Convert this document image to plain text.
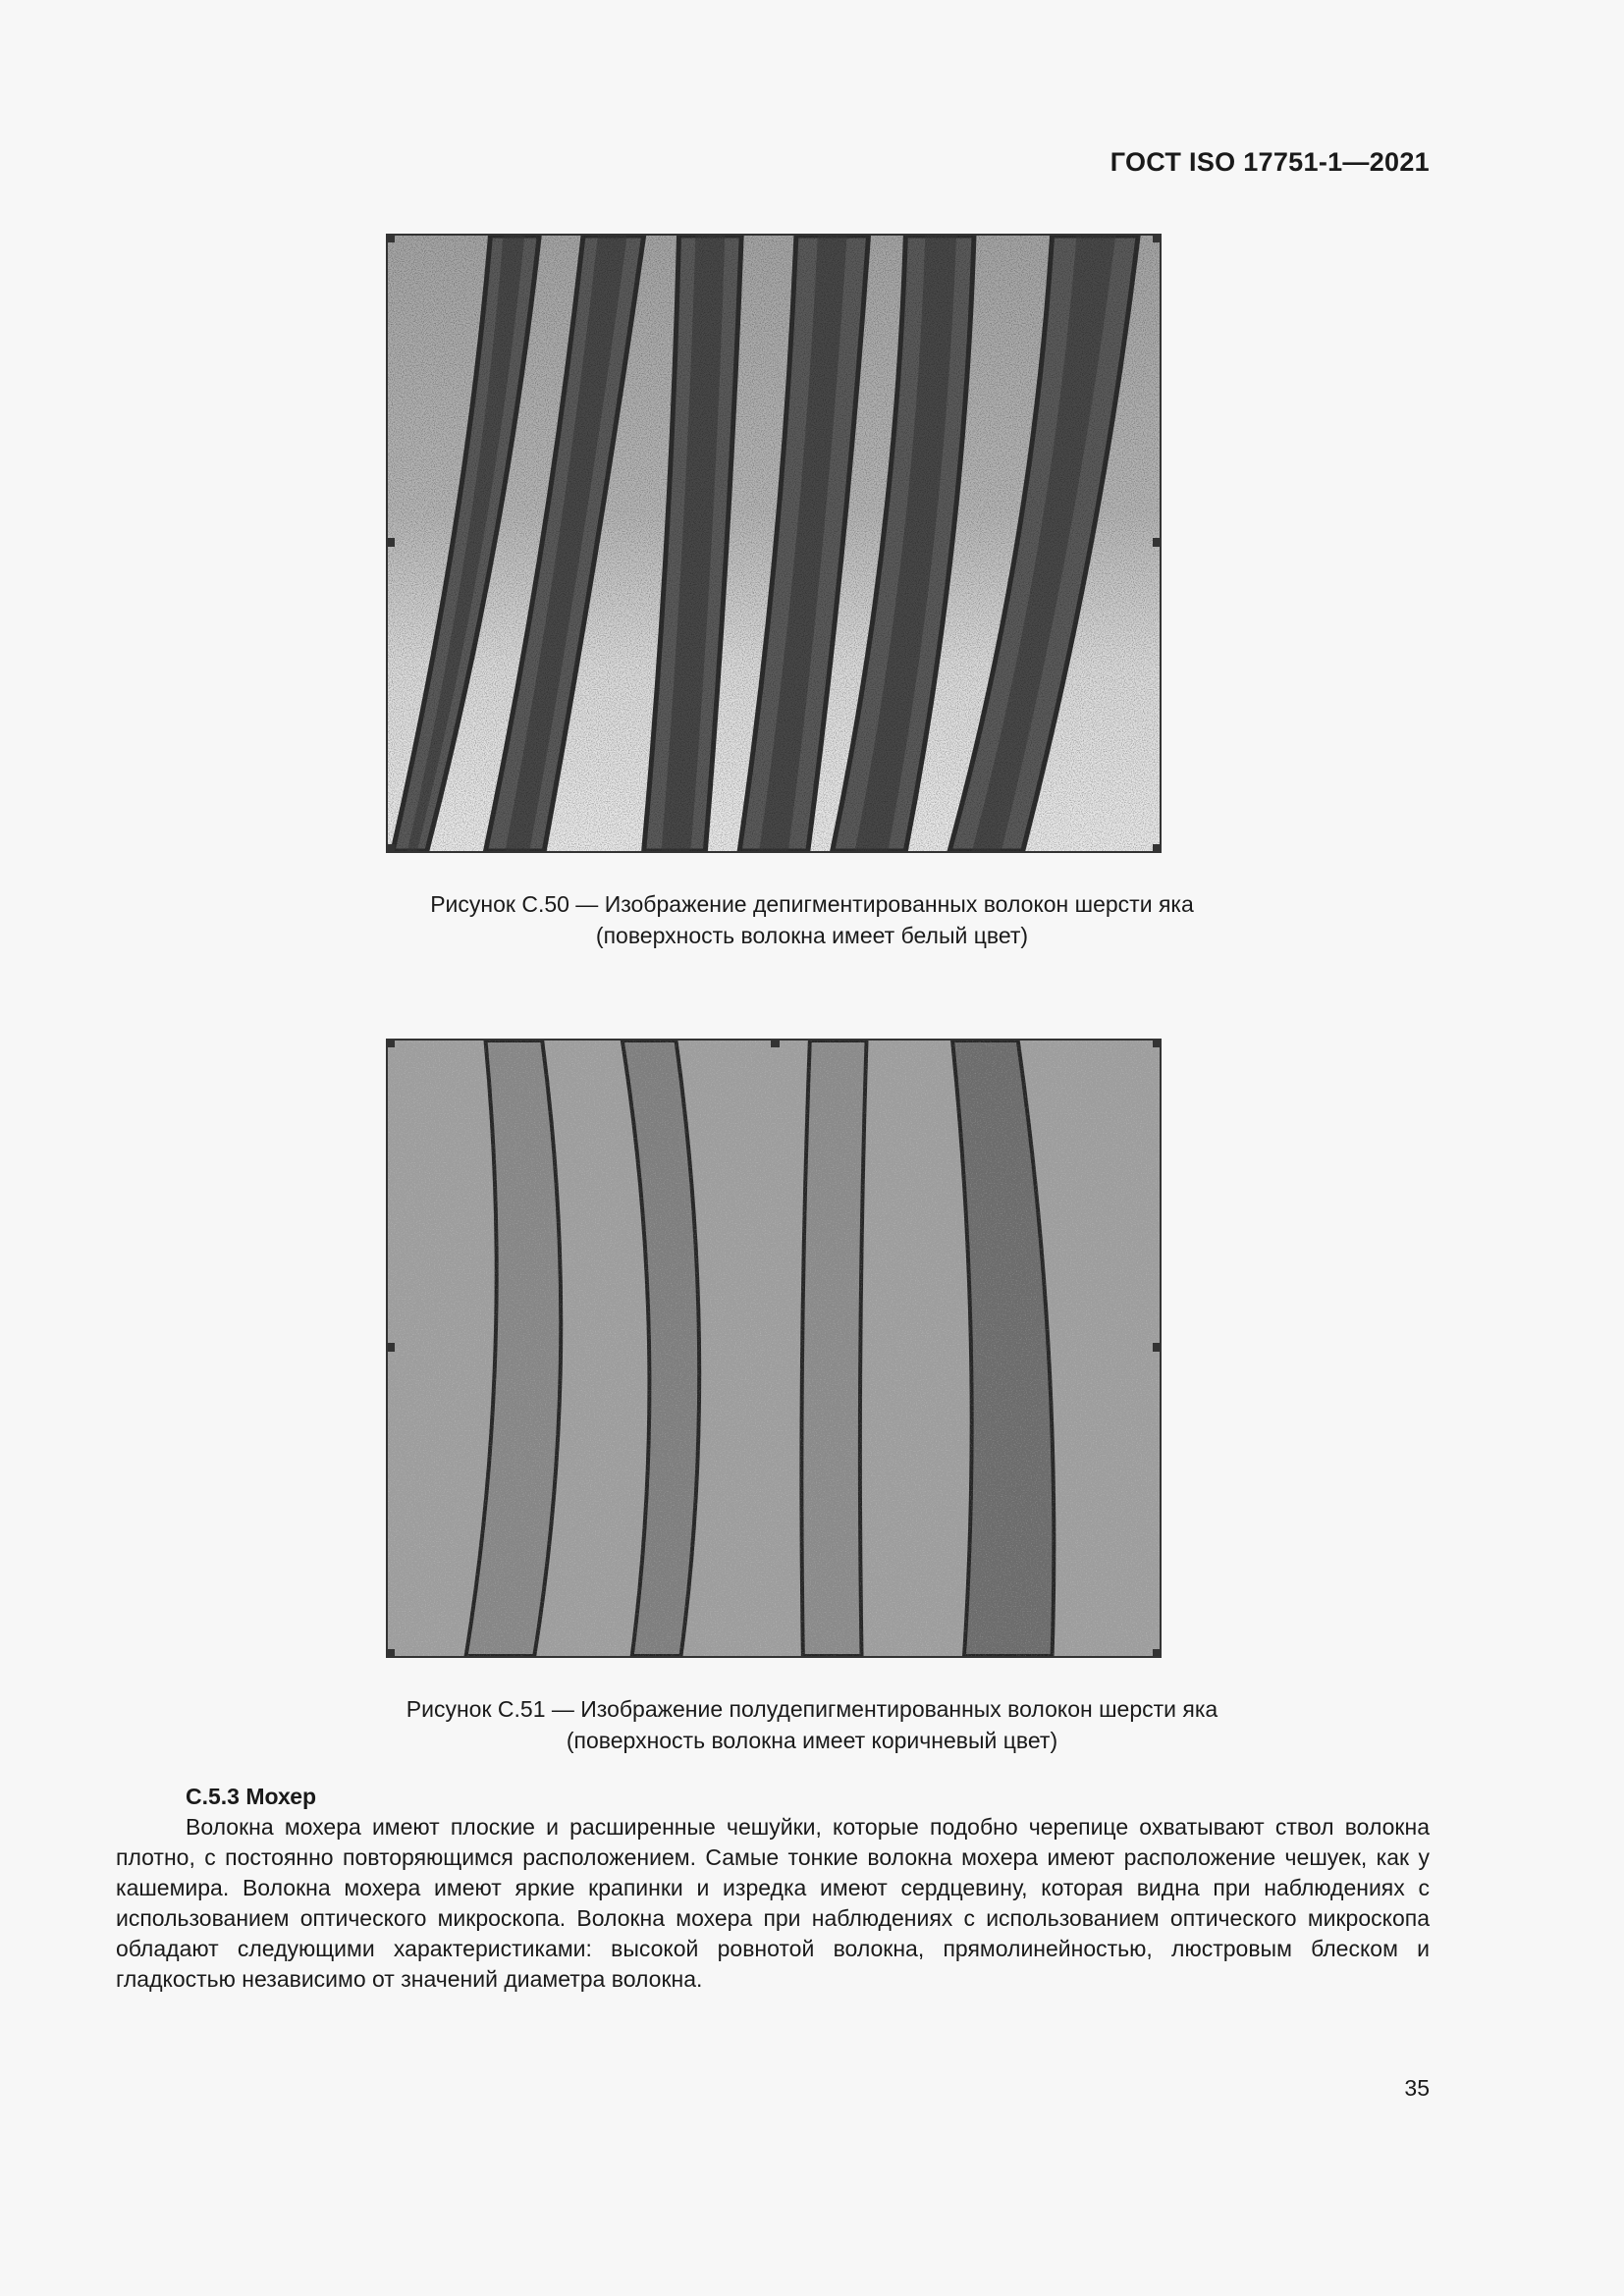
ГОСТ ISO 17751-1—2021
Рисунок С.50 — Изображение депигментированных волокон шерсти яка
(поверхность волокна имеет белый цвет)
Рисунок С.51 — Изображение полудепигментированных волокон шерсти яка
(поверхность волокна имеет коричневый цвет)
С.5.3 Мохер

Волокна мохера имеют плоские и расширенные чешуйки, которые подобно черепице охватывают ствол волокна плотно, с постоянно повторяющимся расположением. Самые тонкие волокна мохера имеют расположение чешуек, как у кашемира. Волокна мохера имеют яркие крапинки и изредка имеют сердцевину, которая видна при наблюдениях с использованием оптического микроскопа. Волокна мохера при наблюдениях с использованием оптического микроскопа обладают следующими характеристиками: высокой ровнотой волокна, прямолинейностью, люстровым блеском и гладкостью независимо от значений диаметра волокна.

35
